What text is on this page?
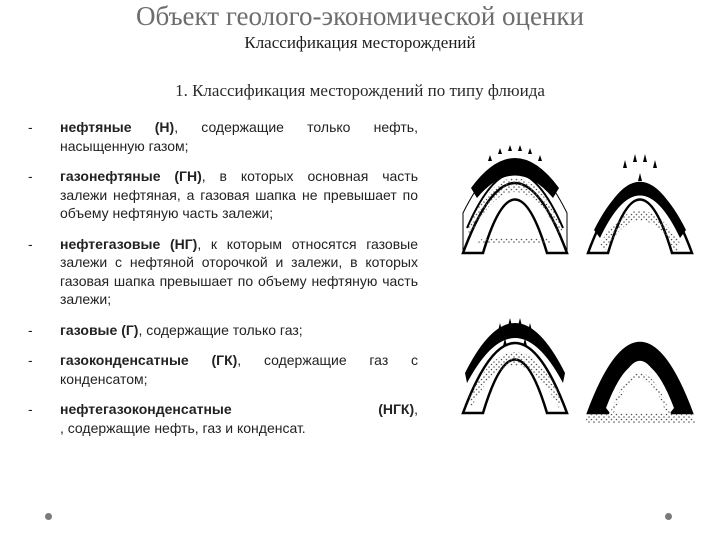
Объект геолого-экономической оценки
Классификация месторождений
1. Классификация месторождений по типу флюида
-	нефтяные (Н), содержащие только нефть, насыщенную газом;
-	газонефтяные (ГН), в которых основная часть залежи нефтяная, а газовая шапка не превышает по объему нефтяную часть залежи;
-	нефтегазовые (НГ), к которым относятся газовые залежи с нефтяной оторочкой и залежи, в которых газовая шапка превышает по объему нефтяную часть залежи;
-	газовые (Г), содержащие только газ;
-	газоконденсатные (ГК), содержащие газ с конденсатом;
-	нефтегазоконденсатные	(НГК),
, содержащие нефть, газ и конденсат.
